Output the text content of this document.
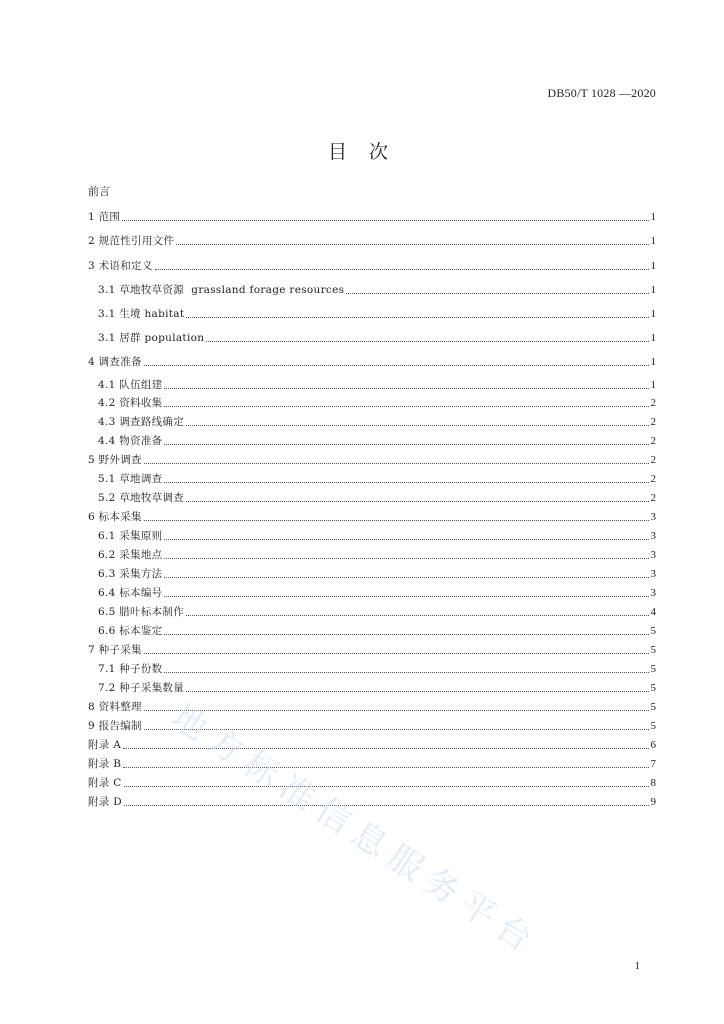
DB50/T 1028 —2020
目 次
前言
1 范围	1
2 规范性引用文件	1
3 术语和定义	1
3.1 草地牧草资源  grassland forage resources	1
3.1 生境 habitat	1
3.1 居群 population	1
4 调查准备	1
4.1 队伍组建	1
4.2 资料收集	2
4.3 调查路线确定	2
4.4 物资准备	2
5 野外调查	2
5.1 草地调查	2
5.2 草地牧草调查	2
6 标本采集	3
6.1 采集原则	3
6.2 采集地点	3
6.3 采集方法	3
6.4 标本编号	3
6.5 腊叶标本制作	4
6.6 标本鉴定	5
7 种子采集	5
7.1 种子份数	5
7.2 种子采集数量	5
8 资料整理	5
9 报告编制	5
附录 A	6
附录 B	7
附录 C	8
附录 D	9
地方标准信息服务平台
1
